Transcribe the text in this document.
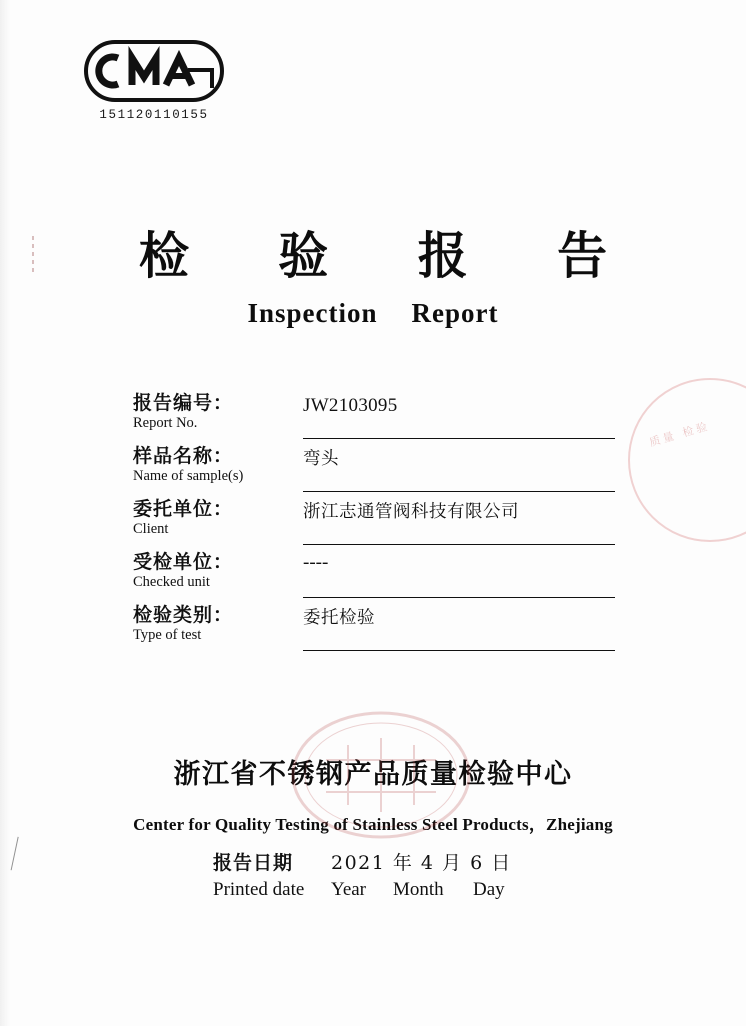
151120110155
检 验 报 告
Inspection Report
报告编号：
Report No.
JW2103095
样品名称：
Name of sample(s)
弯头
委托单位：
Client
浙江志通管阀科技有限公司
受检单位：
Checked unit
----
检验类别：
Type of test
委托检验
浙江省不锈钢产品质量检验中心
Center for Quality Testing of Stainless Steel Products，Zhejiang
报告日期	2021 年 4 月 6 日
Printed date	Year	Month	Day
质量 检验
